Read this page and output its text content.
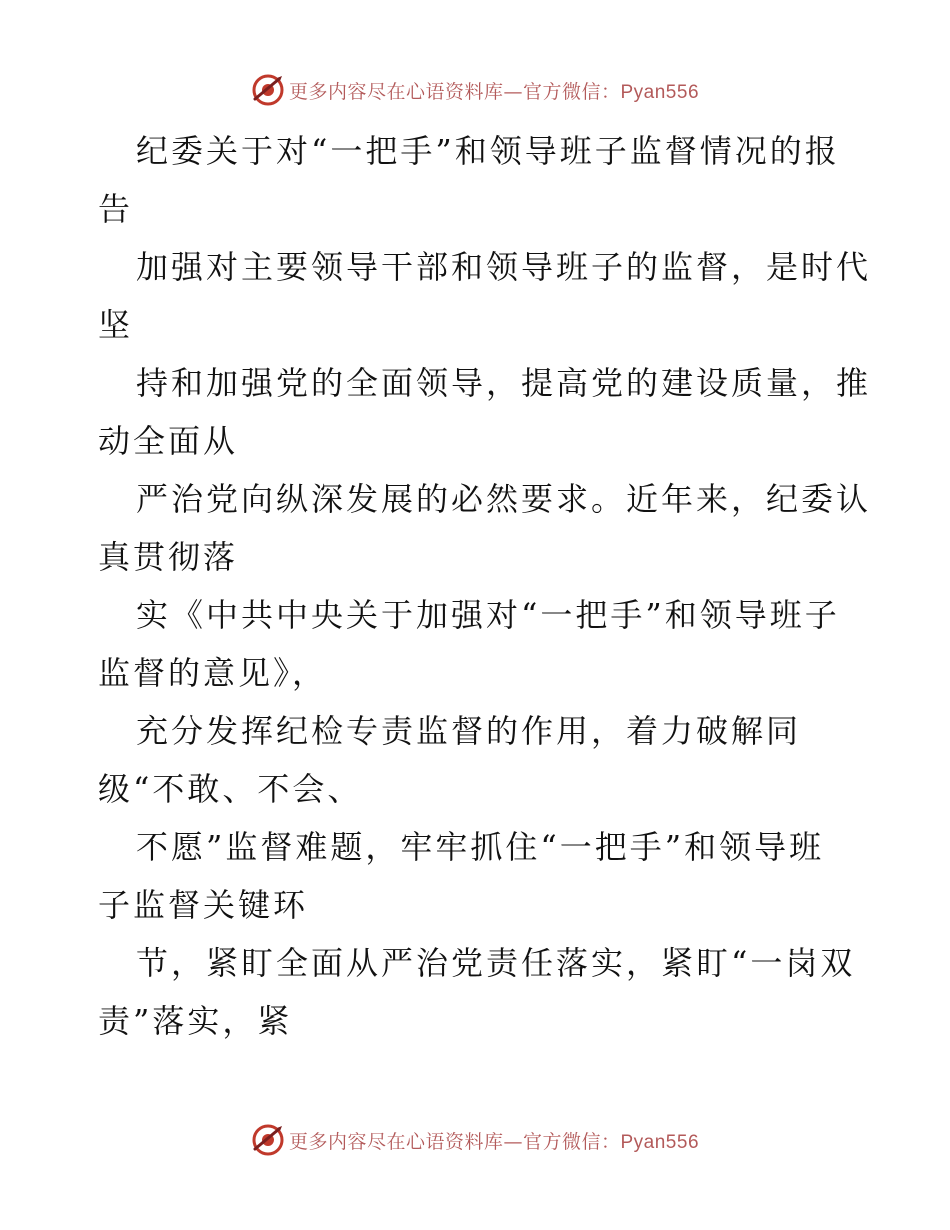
更多内容尽在心语资料库—官方微信：Pyan556
纪委关于对“一把手”和领导班子监督情况的报
告
加强对主要领导干部和领导班子的监督，是时代
坚
持和加强党的全面领导，提高党的建设质量，推
动全面从
严治党向纵深发展的必然要求。近年来，纪委认
真贯彻落
实《中共中央关于加强对“一把手”和领导班子
监督的意见》，
充分发挥纪检专责监督的作用，着力破解同
级“不敢、不会、
不愿”监督难题，牢牢抓住“一把手”和领导班
子监督关键环
节，紧盯全面从严治党责任落实，紧盯“一岗双
责”落实，紧
更多内容尽在心语资料库—官方微信：Pyan556
